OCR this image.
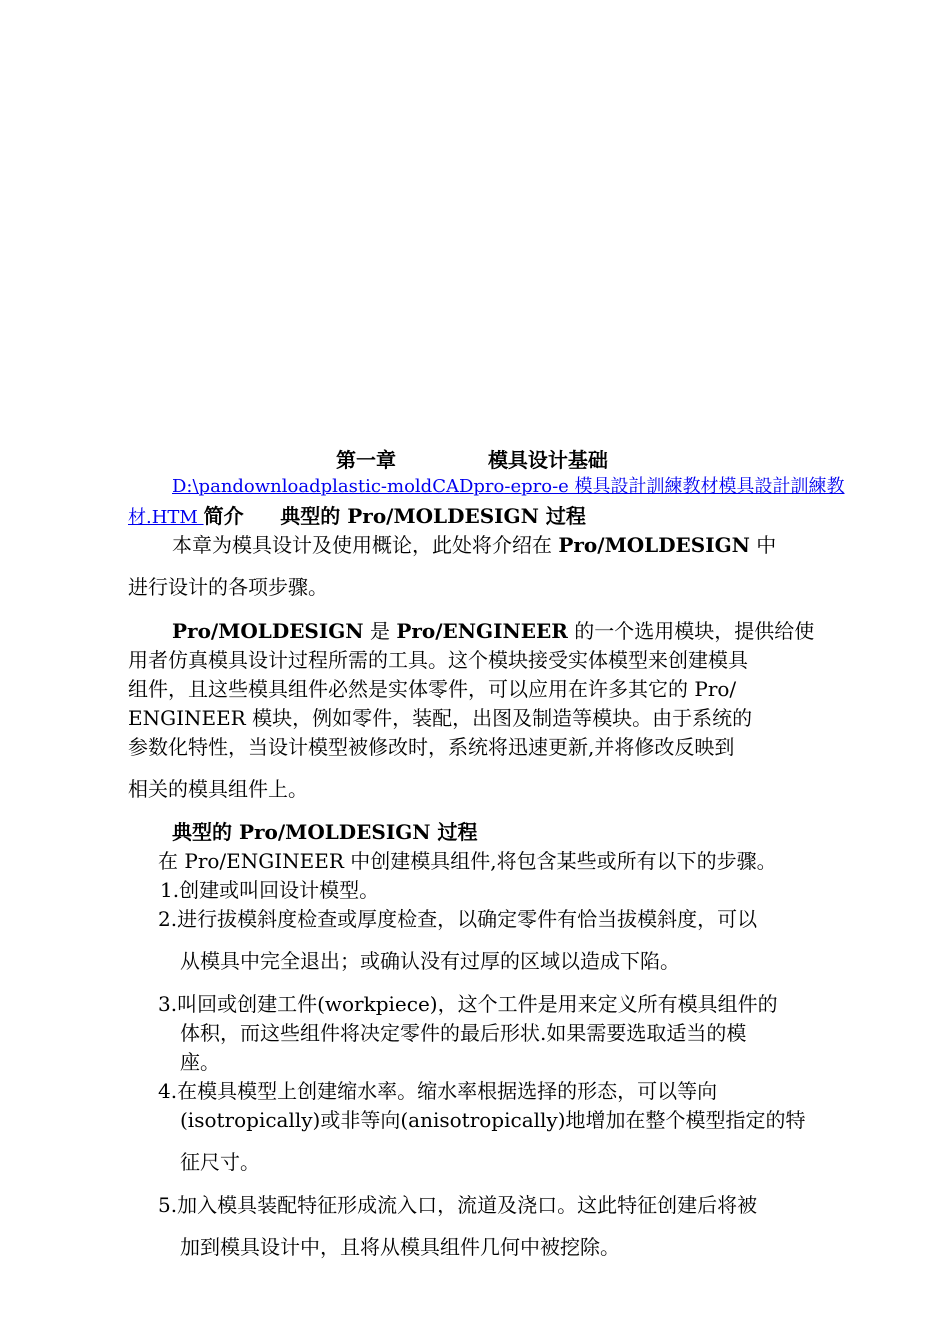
第一章	模具设计基础
D:\pandownloadplastic-moldCADpro-epro-e 模具設計訓練教材模具設計訓練教
材.HTM 简介 典型的 Pro/MOLDESIGN 过程
本章为模具设计及使用概论，此处将介绍在 Pro/MOLDESIGN 中
进行设计的各项步骤。
Pro/MOLDESIGN 是 Pro/ENGINEER 的一个选用模块，提供给使
用者仿真模具设计过程所需的工具。这个模块接受实体模型来创建模具
组件，且这些模具组件必然是实体零件，可以应用在许多其它的 Pro/
ENGINEER 模块，例如零件，装配，出图及制造等模块。由于系统的
参数化特性，当设计模型被修改时，系统将迅速更新,并将修改反映到
相关的模具组件上。
典型的 Pro/MOLDESIGN 过程
在 Pro/ENGINEER 中创建模具组件,将包含某些或所有以下的步骤。
1.创建或叫回设计模型。
2.进行拔模斜度检查或厚度检查，以确定零件有恰当拔模斜度，可以
从模具中完全退出；或确认没有过厚的区域以造成下陷。
3.叫回或创建工件(workpiece)，这个工件是用来定义所有模具组件的
体积，而这些组件将决定零件的最后形状.如果需要选取适当的模
座。
4.在模具模型上创建缩水率。缩水率根据选择的形态，可以等向
(isotropically)或非等向(anisotropically)地增加在整个模型指定的特
征尺寸。
5.加入模具装配特征形成流入口，流道及浇口。这此特征创建后将被
加到模具设计中，且将从模具组件几何中被挖除。
